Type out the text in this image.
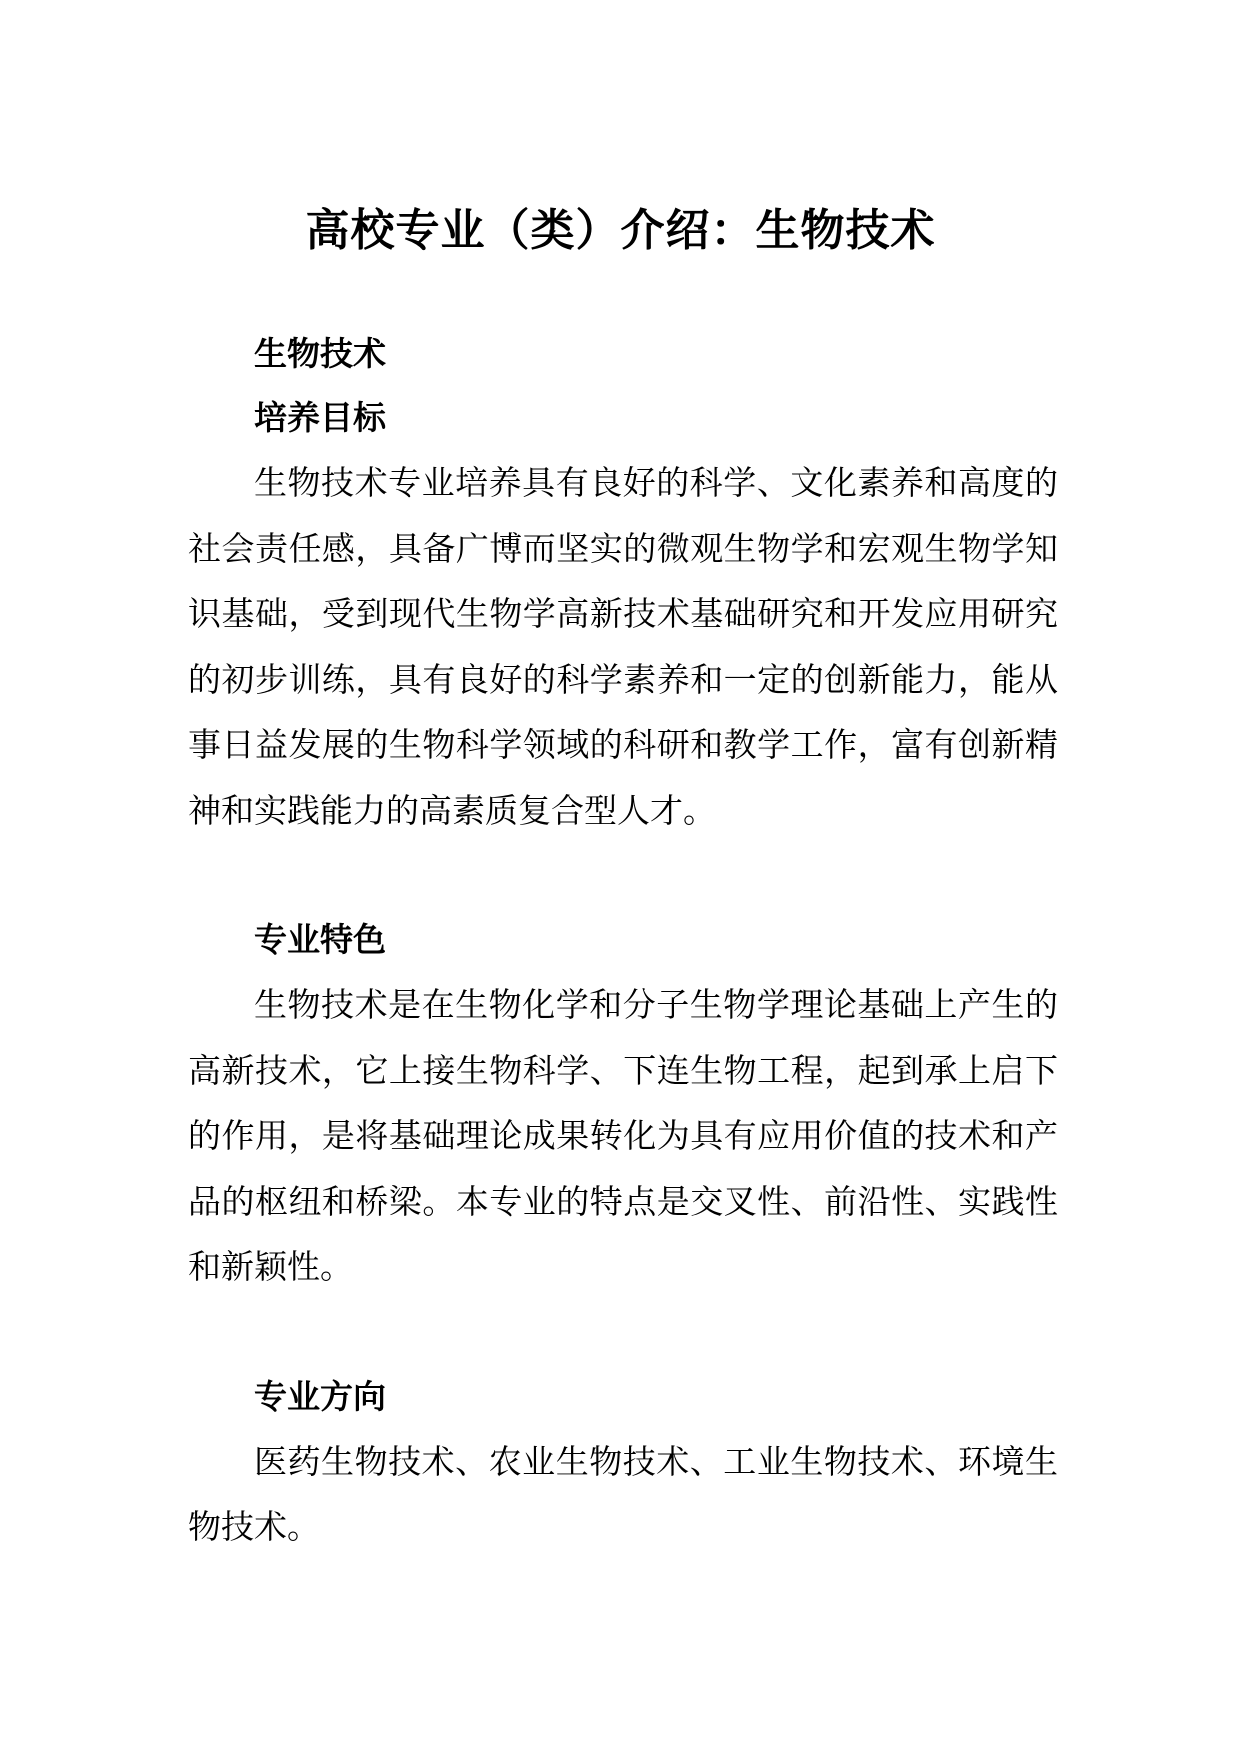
高校专业（类）介绍：生物技术

生物技术

培养目标

生物技术专业培养具有良好的科学、文化素养和高度的社会责任感，具备广博而坚实的微观生物学和宏观生物学知识基础，受到现代生物学高新技术基础研究和开发应用研究的初步训练，具有良好的科学素养和一定的创新能力，能从事日益发展的生物科学领域的科研和教学工作，富有创新精神和实践能力的高素质复合型人才。

专业特色

生物技术是在生物化学和分子生物学理论基础上产生的高新技术，它上接生物科学、下连生物工程，起到承上启下的作用，是将基础理论成果转化为具有应用价值的技术和产品的枢纽和桥梁。本专业的特点是交叉性、前沿性、实践性和新颖性。

专业方向

医药生物技术、农业生物技术、工业生物技术、环境生物技术。
